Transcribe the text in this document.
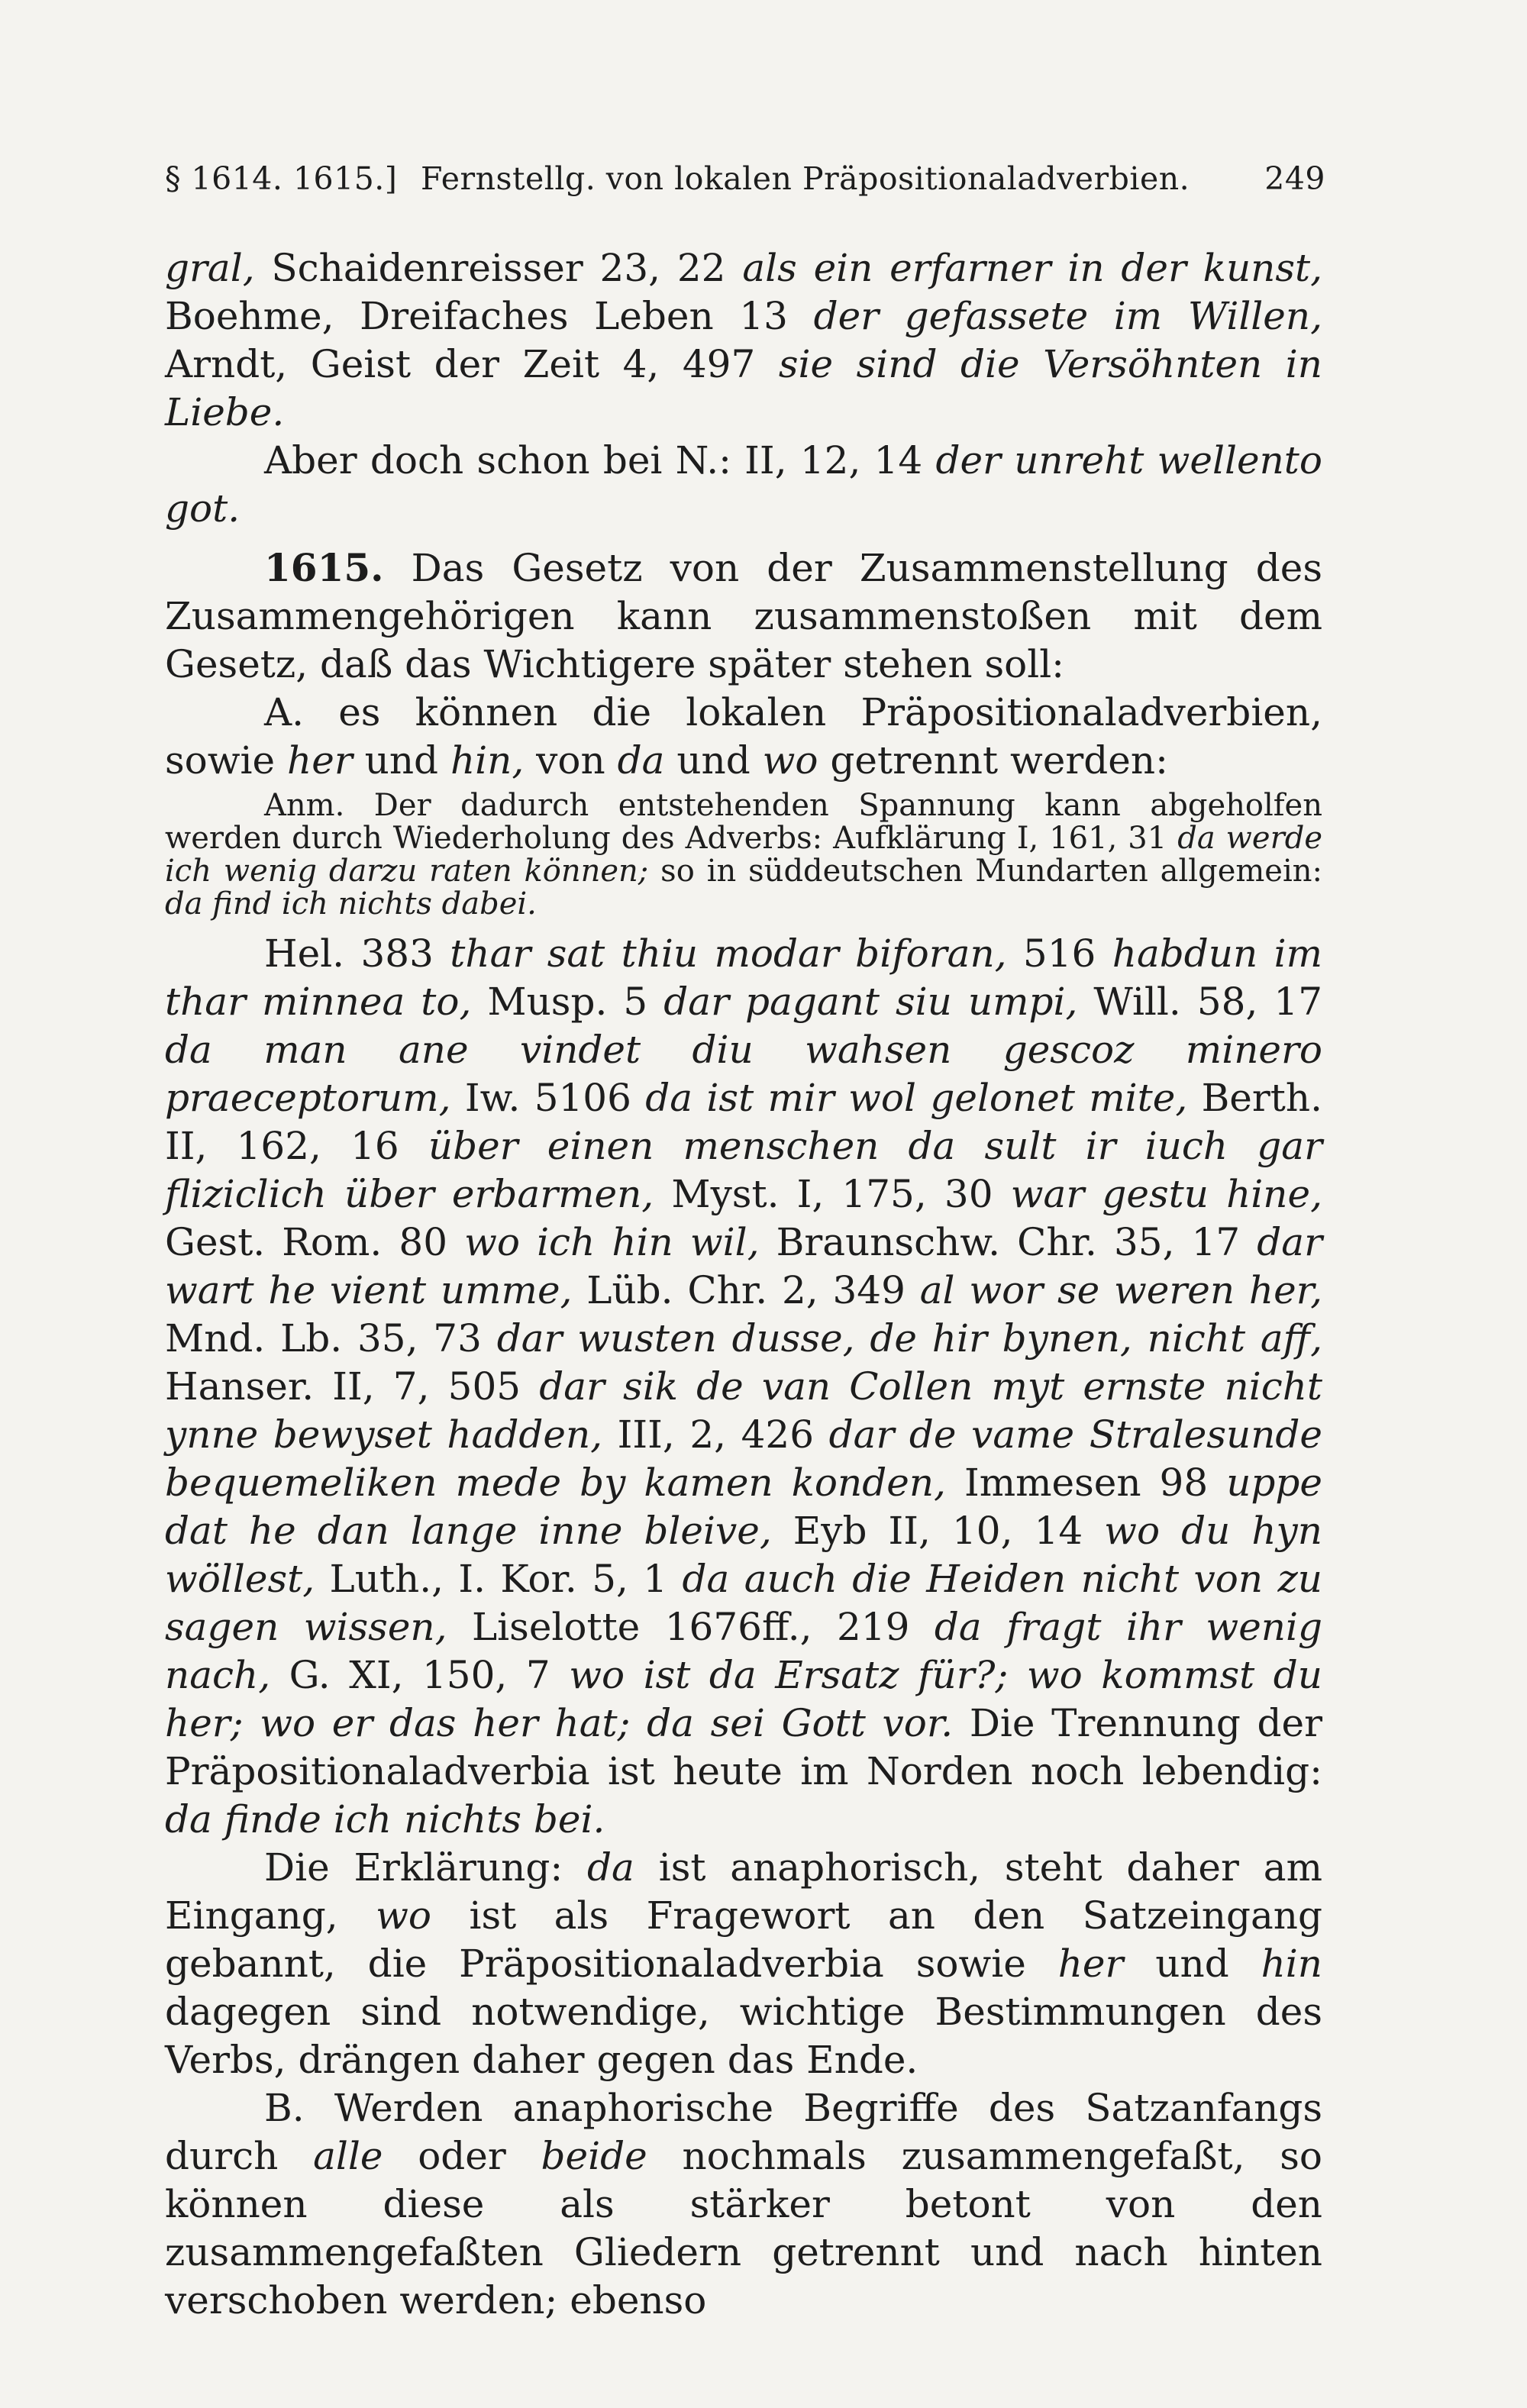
§ 1614. 1615.] Fernstellg. von lokalen Präpositionaladverbien. 249

gral, Schaidenreisser 23, 22 als ein erfarner in der kunst, Boehme, Dreifaches Leben 13 der gefassete im Willen, Arndt, Geist der Zeit 4, 497 sie sind die Versöhnten in Liebe.

Aber doch schon bei N.: II, 12, 14 der unreht wellento got.

1615. Das Gesetz von der Zusammenstellung des Zusammengehörigen kann zusammenstoßen mit dem Gesetz, daß das Wichtigere später stehen soll:

A. es können die lokalen Präpositionaladverbien, sowie her und hin, von da und wo getrennt werden:

Anm. Der dadurch entstehenden Spannung kann abgeholfen werden durch Wiederholung des Adverbs: Aufklärung I, 161, 31 da werde ich wenig darzu raten können; so in süddeutschen Mundarten allgemein: da find ich nichts dabei.

Hel. 383 thar sat thiu modar biforan, 516 habdun im thar minnea to, Musp. 5 dar pagant siu umpi, Will. 58, 17 da man ane vindet diu wahsen gescoz minero praeceptorum, Iw. 5106 da ist mir wol gelonet mite, Berth. II, 162, 16 über einen menschen da sult ir iuch gar fliziclich über erbarmen, Myst. I, 175, 30 war gestu hine, Gest. Rom. 80 wo ich hin wil, Braunschw. Chr. 35, 17 dar wart he vient umme, Lüb. Chr. 2, 349 al wor se weren her, Mnd. Lb. 35, 73 dar wusten dusse, de hir bynen, nicht aff, Hanser. II, 7, 505 dar sik de van Collen myt ernste nicht ynne bewyset hadden, III, 2, 426 dar de vame Stralesunde bequemeliken mede by kamen konden, Immesen 98 uppe dat he dan lange inne bleive, Eyb II, 10, 14 wo du hyn wöllest, Luth., I. Kor. 5, 1 da auch die Heiden nicht von zu sagen wissen, Liselotte 1676ff., 219 da fragt ihr wenig nach, G. XI, 150, 7 wo ist da Ersatz für?; wo kommst du her; wo er das her hat; da sei Gott vor. Die Trennung der Präpositionaladverbia ist heute im Norden noch lebendig: da finde ich nichts bei.

Die Erklärung: da ist anaphorisch, steht daher am Eingang, wo ist als Fragewort an den Satzeingang gebannt, die Präpositionaladverbia sowie her und hin dagegen sind notwendige, wichtige Bestimmungen des Verbs, drängen daher gegen das Ende.

B. Werden anaphorische Begriffe des Satzanfangs durch alle oder beide nochmals zusammengefaßt, so können diese als stärker betont von den zusammengefaßten Gliedern getrennt und nach hinten verschoben werden; ebenso
